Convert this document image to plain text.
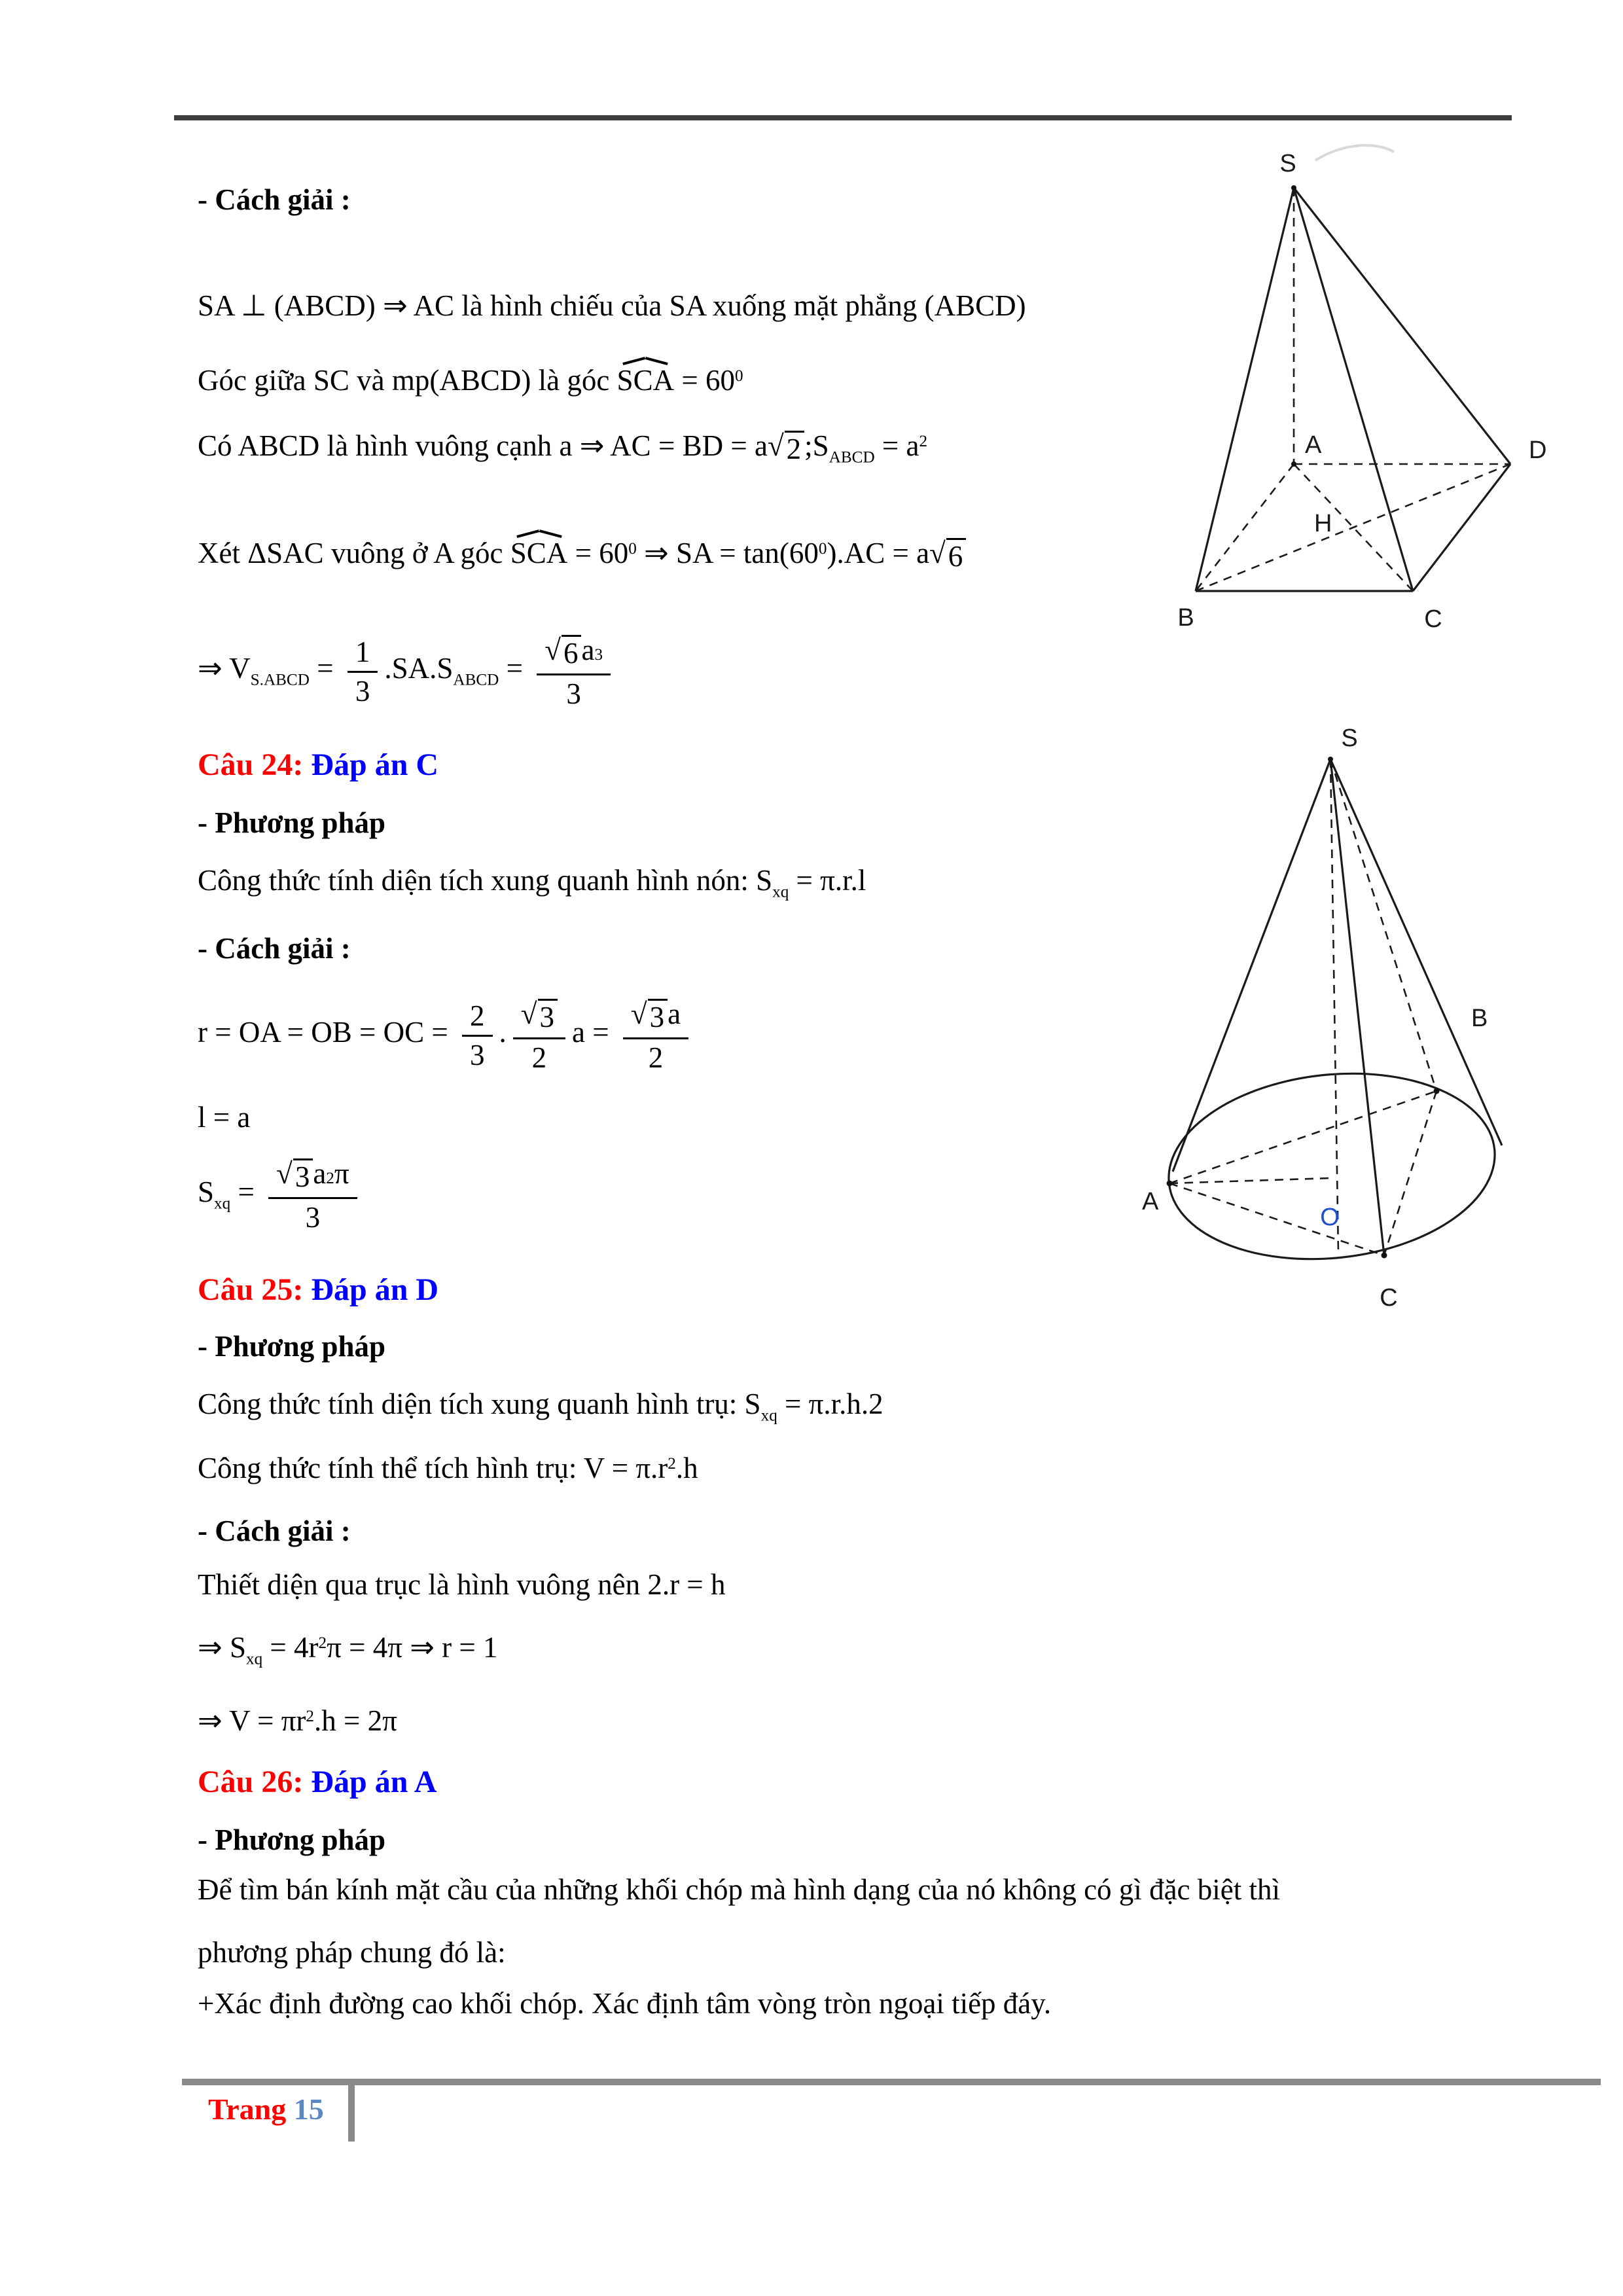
- Cách giải :
SA ⊥ (ABCD) ⇒ AC là hình chiếu của SA xuống mặt phẳng (ABCD)
Góc giữa SC và mp(ABCD) là góc SCA = $60^0$
Có ABCD là hình vuông cạnh a ⇒ AC = BD = a √ 2 $;S_{ABCD} = a^2$
Xét ΔSAC vuông ở A góc SCA = $60^0$ ⇒ SA = $\tan(60^0).AC = a$ √ 6
⇒ $V_{S.ABCD} = \frac{1}{3} .SA.S_{ABCD} = \frac{√ 6 a 3}{3}$
Câu 24: Đáp án C
- Phương pháp
Công thức tính diện tích xung quanh hình nón: $S_{xq} = \pi.r.l$
- Cách giải :
r = OA = OB = OC = $\frac{2}{3}$ . $\frac{√ 3}{2}$ $a = \frac{√ 3 a}{2}$
l = a
$S_{xq} = \frac{√ 3 a 2 \pi}{3}$
Câu 25: Đáp án D
- Phương pháp
Công thức tính diện tích xung quanh hình trụ: $S_{xq} = \pi.r.h.2$
Công thức tính thể tích hình trụ: $V = \pi.r^2.h$
- Cách giải :
Thiết diện qua trục là hình vuông nên 2.r = h
⇒ $S_{xq} = 4r^2\pi = 4\pi$ ⇒ r = 1
⇒ $V = \pi r^2.h = 2\pi$
Câu 26: Đáp án A
- Phương pháp
Để tìm bán kính mặt cầu của những khối chóp mà hình dạng của nó không có gì đặc biệt thì
phương pháp chung đó là:
+Xác định đường cao khối chóp. Xác định tâm vòng tròn ngoại tiếp đáy.
S
A
B	C
D
H
S
A
B
O
C
Trang 15
